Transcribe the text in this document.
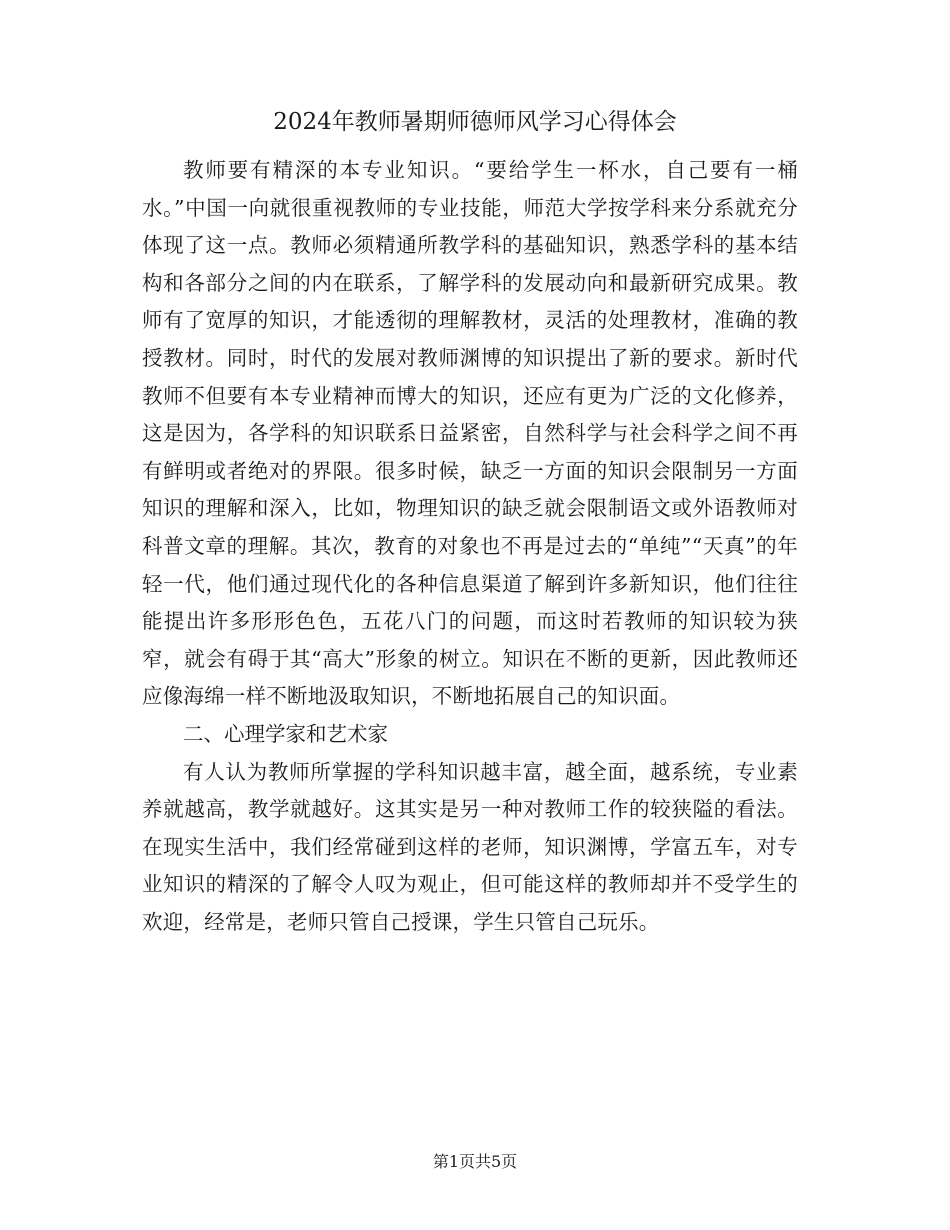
2024年教师暑期师德师风学习心得体会

教师要有精深的本专业知识。“要给学生一杯水，自己要有一桶水。”中国一向就很重视教师的专业技能，师范大学按学科来分系就充分体现了这一点。教师必须精通所教学科的基础知识，熟悉学科的基本结构和各部分之间的内在联系，了解学科的发展动向和最新研究成果。教师有了宽厚的知识，才能透彻的理解教材，灵活的处理教材，准确的教授教材。同时，时代的发展对教师渊博的知识提出了新的要求。新时代教师不但要有本专业精神而博大的知识，还应有更为广泛的文化修养，这是因为，各学科的知识联系日益紧密，自然科学与社会科学之间不再有鲜明或者绝对的界限。很多时候，缺乏一方面的知识会限制另一方面知识的理解和深入，比如，物理知识的缺乏就会限制语文或外语教师对科普文章的理解。其次，教育的对象也不再是过去的“单纯”“天真”的年轻一代，他们通过现代化的各种信息渠道了解到许多新知识，他们往往能提出许多形形色色，五花八门的问题，而这时若教师的知识较为狭窄，就会有碍于其“高大”形象的树立。知识在不断的更新，因此教师还应像海绵一样不断地汲取知识，不断地拓展自己的知识面。

二、心理学家和艺术家

有人认为教师所掌握的学科知识越丰富，越全面，越系统，专业素养就越高，教学就越好。这其实是另一种对教师工作的较狭隘的看法。在现实生活中，我们经常碰到这样的老师，知识渊博，学富五车，对专业知识的精深的了解令人叹为观止，但可能这样的教师却并不受学生的欢迎，经常是，老师只管自己授课，学生只管自己玩乐。

第1页共5页
